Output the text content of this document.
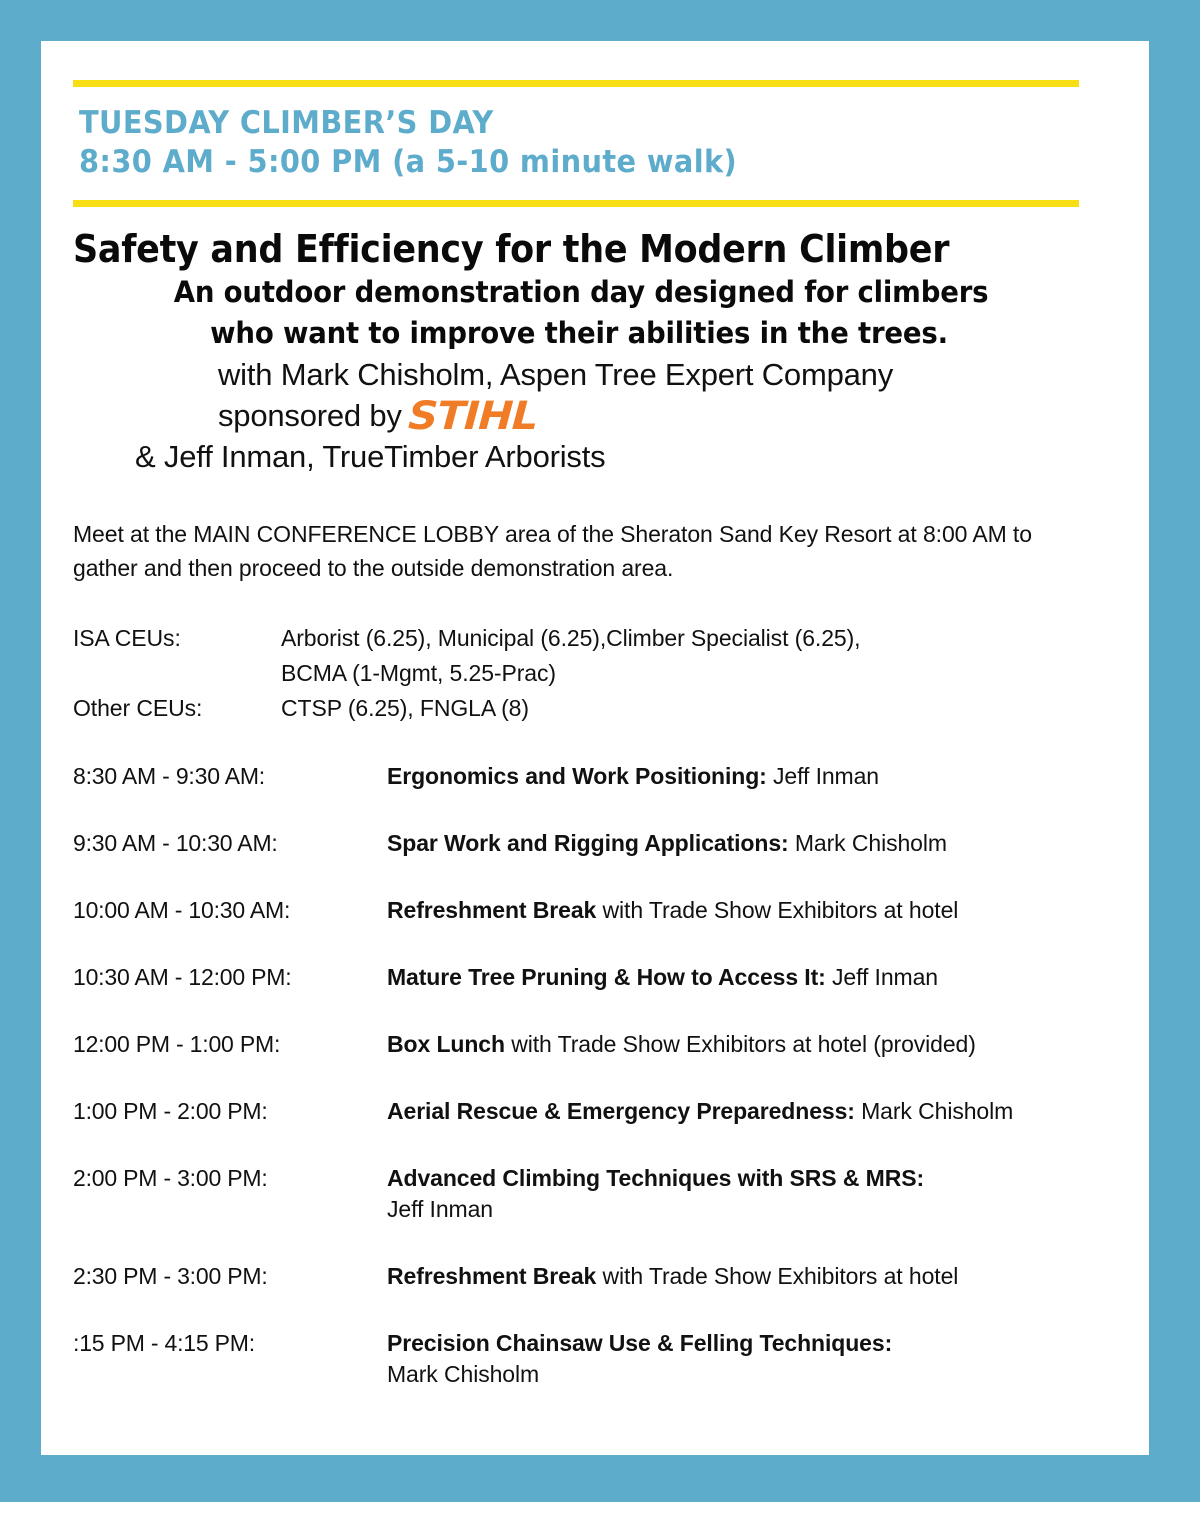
TUESDAY CLIMBER’S DAY
8:30 AM - 5:00 PM (a 5-10 minute walk)
Safety and Efficiency for the Modern Climber
An outdoor demonstration day designed for climbers
who want to improve their abilities in the trees.
with Mark Chisholm, Aspen Tree Expert Company
sponsored by STIHL
& Jeff Inman, TrueTimber Arborists
Meet at the MAIN CONFERENCE LOBBY area of the Sheraton Sand Key Resort at 8:00 AM to gather and then proceed to the outside demonstration area.
ISA CEUs:	Arborist (6.25), Municipal (6.25),Climber Specialist (6.25),
BCMA (1-Mgmt, 5.25-Prac)
Other CEUs:	CTSP (6.25), FNGLA (8)
8:30 AM - 9:30 AM:	Ergonomics and Work Positioning: Jeff Inman
9:30 AM - 10:30 AM:	Spar Work and Rigging Applications: Mark Chisholm
10:00 AM - 10:30 AM:	Refreshment Break with Trade Show Exhibitors at hotel
10:30 AM - 12:00 PM:	Mature Tree Pruning & How to Access It: Jeff Inman
12:00 PM - 1:00 PM:	Box Lunch with Trade Show Exhibitors at hotel (provided)
1:00 PM - 2:00 PM:	Aerial Rescue & Emergency Preparedness: Mark Chisholm
2:00 PM - 3:00 PM:	Advanced Climbing Techniques with SRS & MRS:
Jeff Inman
2:30 PM - 3:00 PM:	Refreshment Break with Trade Show Exhibitors at hotel
:15 PM - 4:15 PM:	Precision Chainsaw Use & Felling Techniques:
Mark Chisholm
